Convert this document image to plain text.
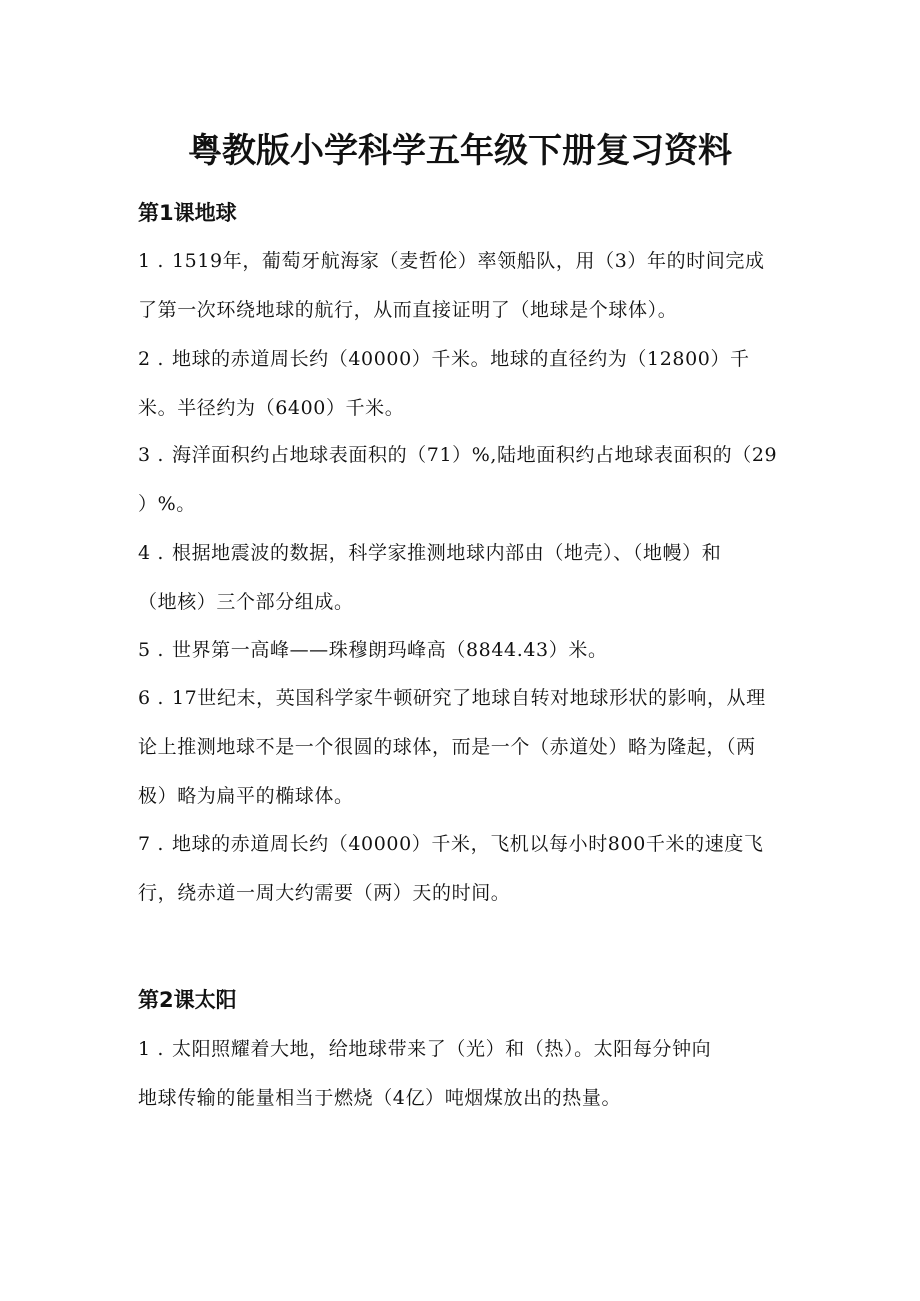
粤教版小学科学五年级下册复习资料
第1课地球
1 . 1519年，葡萄牙航海家（麦哲伦）率领船队，用（3）年的时间完成
了第一次环绕地球的航行，从而直接证明了（地球是个球体）。
2 . 地球的赤道周长约（40000）千米。地球的直径约为（12800）千
米。半径约为（6400）千米。
3 . 海洋面积约占地球表面积的（71）%,陆地面积约占地球表面积的（29
）%。
4 . 根据地震波的数据，科学家推测地球内部由（地壳）、（地幔）和
（地核）三个部分组成。
5 . 世界第一高峰——珠穆朗玛峰高（8844.43）米。
6 . 17世纪末，英国科学家牛顿研究了地球自转对地球形状的影响，从理
论上推测地球不是一个很圆的球体，而是一个（赤道处）略为隆起，（两
极）略为扁平的椭球体。
7 . 地球的赤道周长约（40000）千米，飞机以每小时800千米的速度飞
行，绕赤道一周大约需要（两）天的时间。
第2课太阳
1 . 太阳照耀着大地，给地球带来了（光）和（热）。太阳每分钟向
地球传输的能量相当于燃烧（4亿）吨烟煤放出的热量。
